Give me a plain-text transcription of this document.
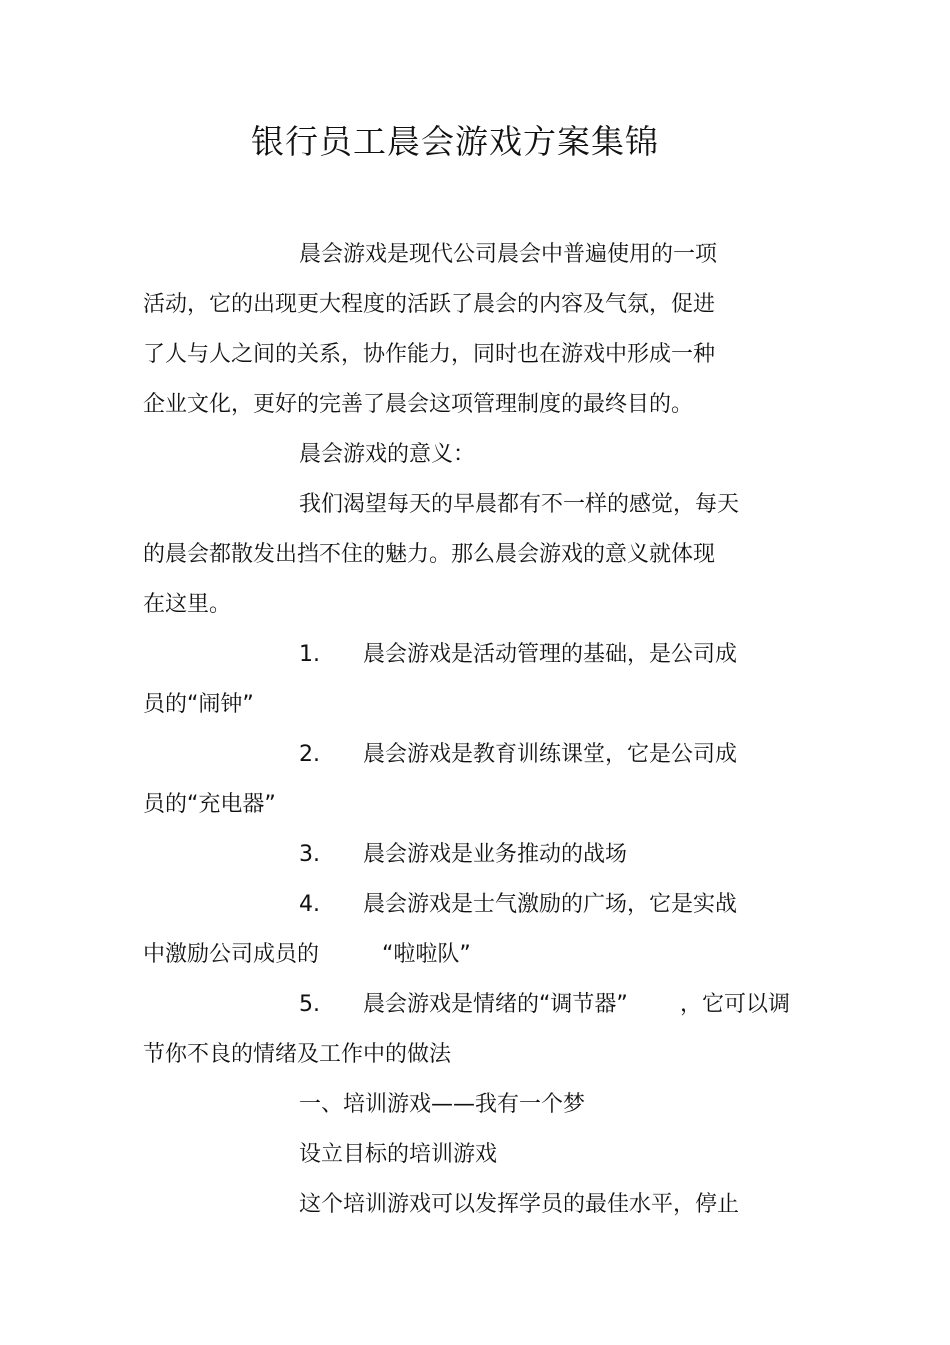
银行员工晨会游戏方案集锦
晨会游戏是现代公司晨会中普遍使用的一项
活动，它的出现更大程度的活跃了晨会的内容及气氛，促进
了人与人之间的关系，协作能力，同时也在游戏中形成一种
企业文化，更好的完善了晨会这项管理制度的最终目的。
晨会游戏的意义：
我们渴望每天的早晨都有不一样的感觉，每天
的晨会都散发出挡不住的魅力。那么晨会游戏的意义就体现
在这里。
1. 晨会游戏是活动管理的基础，是公司成
员的“闹钟”
2. 晨会游戏是教育训练课堂，它是公司成
员的“充电器”
3. 晨会游戏是业务推动的战场
4. 晨会游戏是士气激励的广场，它是实战
中激励公司成员的	“啦啦队”
5. 晨会游戏是情绪的“调节器” ，它可以调
节你不良的情绪及工作中的做法
一、培训游戏——我有一个梦
设立目标的培训游戏
这个培训游戏可以发挥学员的最佳水平，停止
